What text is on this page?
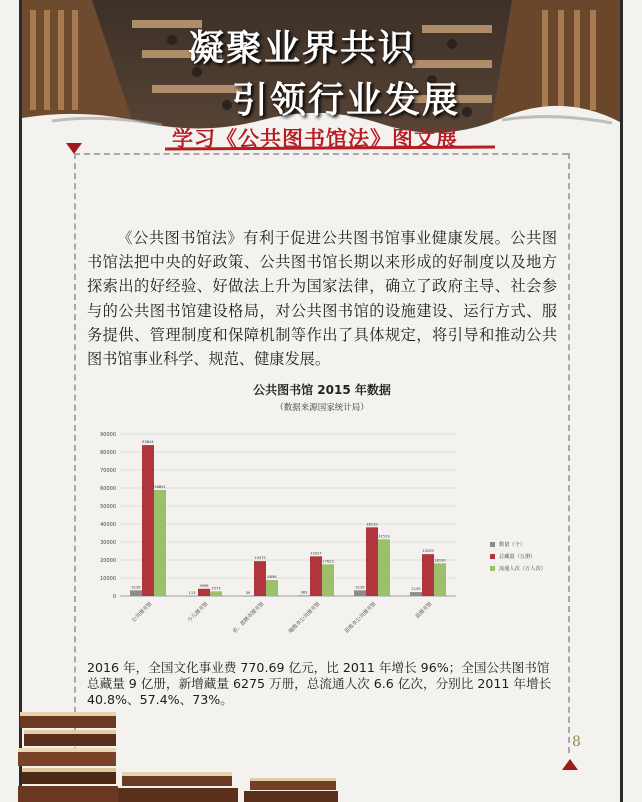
凝聚业界共识
引领行业发展
学习《公共图书馆法》图文展
《公共图书馆法》有利于促进公共图书馆事业健康发展。公共图书馆法把中央的好政策、公共图书馆长期以来形成的好制度以及地方探索出的好经验、好做法上升为国家法律，确立了政府主导、社会参与的公共图书馆建设格局，对公共图书馆的设施建设、运行方式、服务提供、管理制度和保障机制等作出了具体规定，将引导和推动公共图书馆事业科学、规范、健康发展。
公共图书馆 2015 年数据
（数据来源国家统计局）
90000
80000
70000
60000
50000
40000
30000
20000
10000
0
3139
83844
58891
公共图书馆
113
3998
2573
少儿图书馆
39
19375
8898
省、直辖市图书馆
363
22027
17623
地级市公共图书馆
3139
38139
31519
县级市公共图书馆
2159
23259
18130
县图书馆
数量（个）
总藏量（万册）
流通人次（万人次）
2016 年，全国文化事业费 770.69 亿元，比 2011 年增长 96%；全国公共图书馆总藏量 9 亿册，新增藏量 6275 万册，总流通人次 6.6 亿次，分别比 2011 年增长 40.8%、57.4%、73%。
8
